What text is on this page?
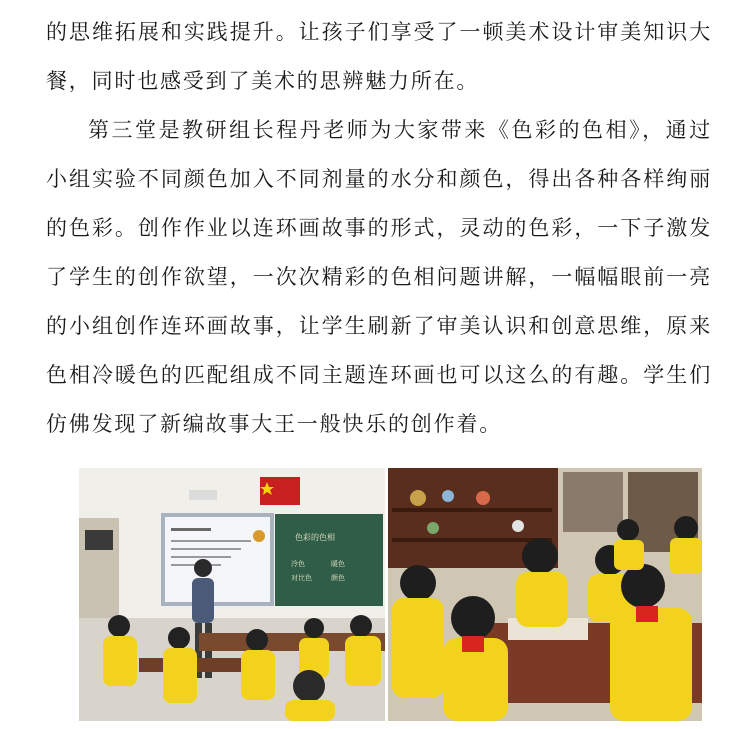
的思维拓展和实践提升。让孩子们享受了一顿美术设计审美知识大餐，同时也感受到了美术的思辨魅力所在。

第三堂是教研组长程丹老师为大家带来《色彩的色相》，通过小组实验不同颜色加入不同剂量的水分和颜色，得出各种各样绚丽的色彩。创作作业以连环画故事的形式，灵动的色彩，一下子激发了学生的创作欲望，一次次精彩的色相问题讲解，一幅幅眼前一亮的小组创作连环画故事，让学生刷新了审美认识和创意思维，原来色相冷暖色的匹配组成不同主题连环画也可以这么的有趣。学生们仿佛发现了新编故事大王一般快乐的创作着。

色彩的色相
冷色	暖色
对比色	颜色
